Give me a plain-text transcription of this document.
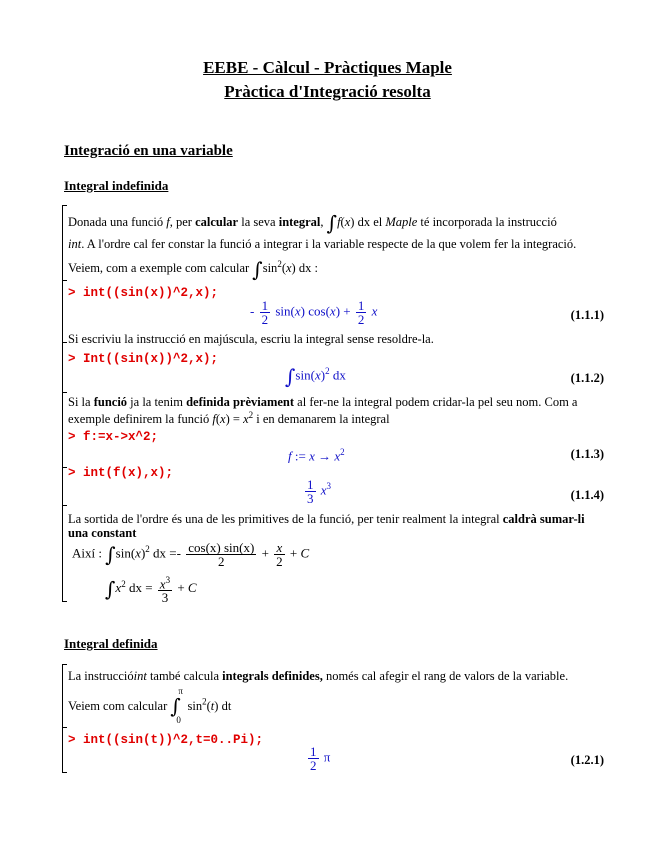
EEBE - Càlcul - Pràctiques Maple
Pràctica d'Integració resolta
Integració en una variable
Integral indefinida
Donada una funció f, per calcular la seva integral, ∫f(x) dx el Maple té incorporada la instrucció
int. A l'ordre cal fer constar la funció a integrar i la variable respecte de la que volem fer la integració.
Veiem, com a exemple com calcular $\int\sin^2(x)$ dx :
> int((sin(x))^2,x);
- $\frac{1}{2} \sin(x) \cos(x) + \frac{1}{2}$ x	(1.1.1)
Si escriviu la instrucció en majúscula, escriu la integral sense resoldre-la.
> Int((sin(x))^2,x);
$\int\sin(x)^2$ dx	(1.1.2)
Si la funció ja la tenim definida prèviament al fer-ne la integral podem cridar-la pel seu nom. Com a
exemple definirem la funció $f(x) = x^2$ i en demanarem la integral
> f:=x->x^2;
f := $x \to x^2$	(1.1.3)
> int(f(x),x);
$\frac{1}{3} x^3$
(1.1.4)
La sortida de l'ordre és una de les primitives de la funció, per tenir realment la integral caldrà sumar-li
una constant
Així : $\int\sin(x)^2$ dx =- $\frac{\cos(x) \sin(x)}{2} + \frac{x}{2} + C$
$\int x^2$ dx = $\frac{x^3}{3} + C$
Integral definida
La instruccióint també calcula integrals definides, només cal afegir el rang de valors de la variable.
Veiem com calcular ∫
π
0
$\sin^2(t)$ dt
> int((sin(t))^2,t=0..Pi);
$\frac{1}{2}$ π	(1.2.1)
